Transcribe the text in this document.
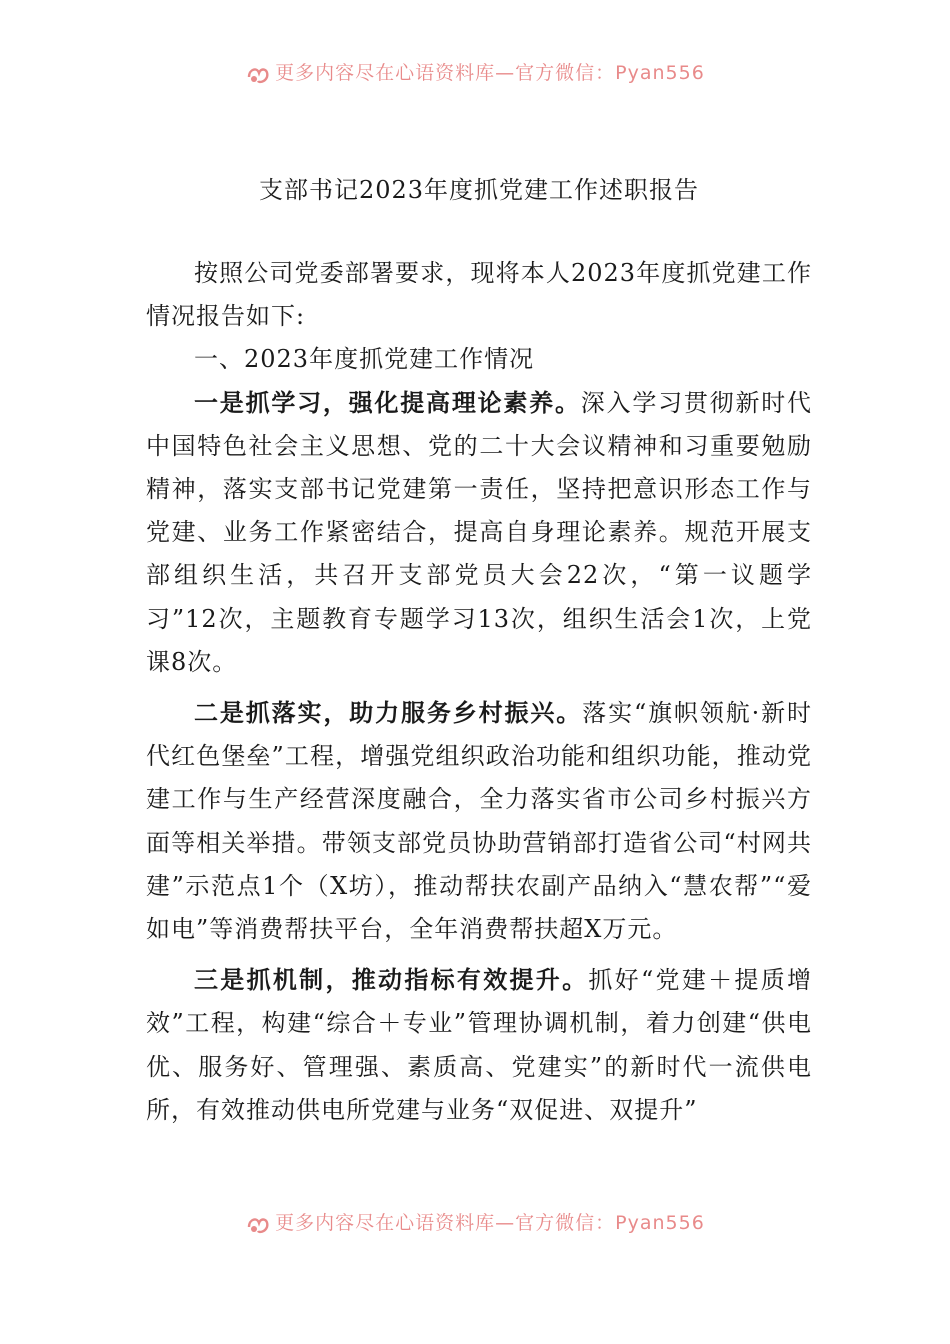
更多内容尽在心语资料库—官方微信：Pyan556
支部书记2023年度抓党建工作述职报告

按照公司党委部署要求，现将本人2023年度抓党建工作情况报告如下:

一、2023年度抓党建工作情况

一是抓学习，强化提高理论素养。深入学习贯彻新时代中国特色社会主义思想、党的二十大会议精神和习重要勉励精神，落实支部书记党建第一责任，坚持把意识形态工作与党建、业务工作紧密结合，提高自身理论素养。规范开展支部组织生活，共召开支部党员大会22次，“第一议题学习”12次，主题教育专题学习13次，组织生活会1次，上党课8次。

二是抓落实，助力服务乡村振兴。落实“旗帜领航·新时代红色堡垒”工程，增强党组织政治功能和组织功能，推动党建工作与生产经营深度融合，全力落实省市公司乡村振兴方面等相关举措。带领支部党员协助营销部打造省公司“村网共建”示范点1个（X坊），推动帮扶农副产品纳入“慧农帮”“爱如电”等消费帮扶平台，全年消费帮扶超X万元。

三是抓机制，推动指标有效提升。抓好“党建＋提质增效”工程，构建“综合＋专业”管理协调机制，着力创建“供电优、服务好、管理强、素质高、党建实”的新时代一流供电所，有效推动供电所党建与业务“双促进、双提升”

更多内容尽在心语资料库—官方微信：Pyan556
